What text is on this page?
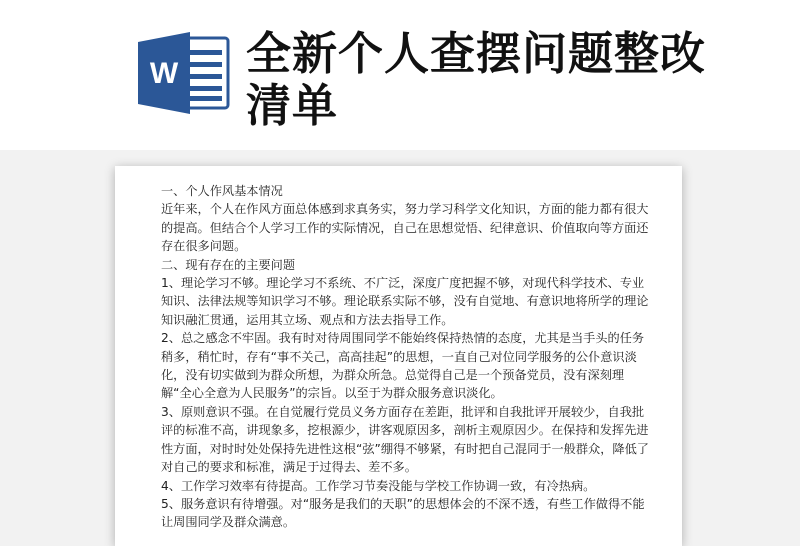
W 全新个人查摆问题整改清单

一、个人作风基本情况

近年来，个人在作风方面总体感到求真务实，努力学习科学文化知识，方面的能力都有很大的提高。但结合个人学习工作的实际情况，自己在思想觉悟、纪律意识、价值取向等方面还存在很多问题。

二、现有存在的主要问题

1、理论学习不够。理论学习不系统、不广泛，深度广度把握不够，对现代科学技术、专业知识、法律法规等知识学习不够。理论联系实际不够，没有自觉地、有意识地将所学的理论知识融汇贯通，运用其立场、观点和方法去指导工作。

2、总之感念不牢固。我有时对待周围同学不能始终保持热情的态度，尤其是当手头的任务稍多，稍忙时，存有“事不关己，高高挂起”的思想，一直自己对位同学服务的公仆意识淡化，没有切实做到为群众所想，为群众所急。总觉得自己是一个预备党员，没有深刻理解“全心全意为人民服务”的宗旨。以至于为群众服务意识淡化。

3、原则意识不强。在自觉履行党员义务方面存在差距，批评和自我批评开展较少，自我批评的标准不高，讲现象多，挖根源少，讲客观原因多，剖析主观原因少。在保持和发挥先进性方面，对时时处处保持先进性这根“弦”绷得不够紧，有时把自己混同于一般群众，降低了对自己的要求和标准，满足于过得去、差不多。

4、工作学习效率有待提高。工作学习节奏没能与学校工作协调一致，有冷热病。

5、服务意识有待增强。对“服务是我们的天职”的思想体会的不深不透，有些工作做得不能让周围同学及群众满意。
